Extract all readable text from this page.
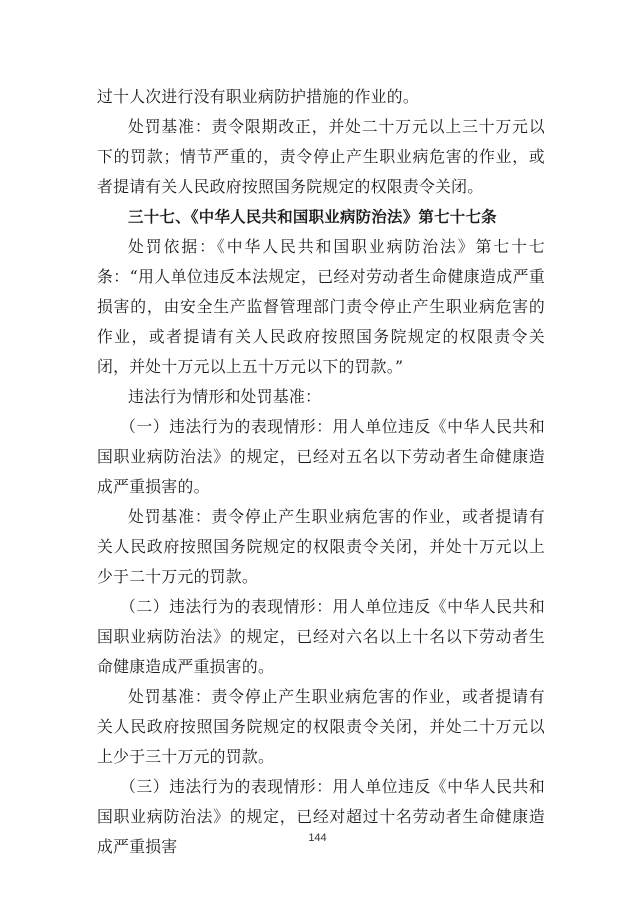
过十人次进行没有职业病防护措施的作业的。

处罚基准：责令限期改正，并处二十万元以上三十万元以下的罚款；情节严重的，责令停止产生职业病危害的作业，或者提请有关人民政府按照国务院规定的权限责令关闭。

三十七、《中华人民共和国职业病防治法》第七十七条

处罚依据：《中华人民共和国职业病防治法》第七十七条：“用人单位违反本法规定，已经对劳动者生命健康造成严重损害的，由安全生产监督管理部门责令停止产生职业病危害的作业，或者提请有关人民政府按照国务院规定的权限责令关闭，并处十万元以上五十万元以下的罚款。”

违法行为情形和处罚基准：

（一）违法行为的表现情形：用人单位违反《中华人民共和国职业病防治法》的规定，已经对五名以下劳动者生命健康造成严重损害的。

处罚基准：责令停止产生职业病危害的作业，或者提请有关人民政府按照国务院规定的权限责令关闭，并处十万元以上少于二十万元的罚款。

（二）违法行为的表现情形：用人单位违反《中华人民共和国职业病防治法》的规定，已经对六名以上十名以下劳动者生命健康造成严重损害的。

处罚基准：责令停止产生职业病危害的作业，或者提请有关人民政府按照国务院规定的权限责令关闭，并处二十万元以上少于三十万元的罚款。

（三）违法行为的表现情形：用人单位违反《中华人民共和国职业病防治法》的规定，已经对超过十名劳动者生命健康造成严重损害	144
